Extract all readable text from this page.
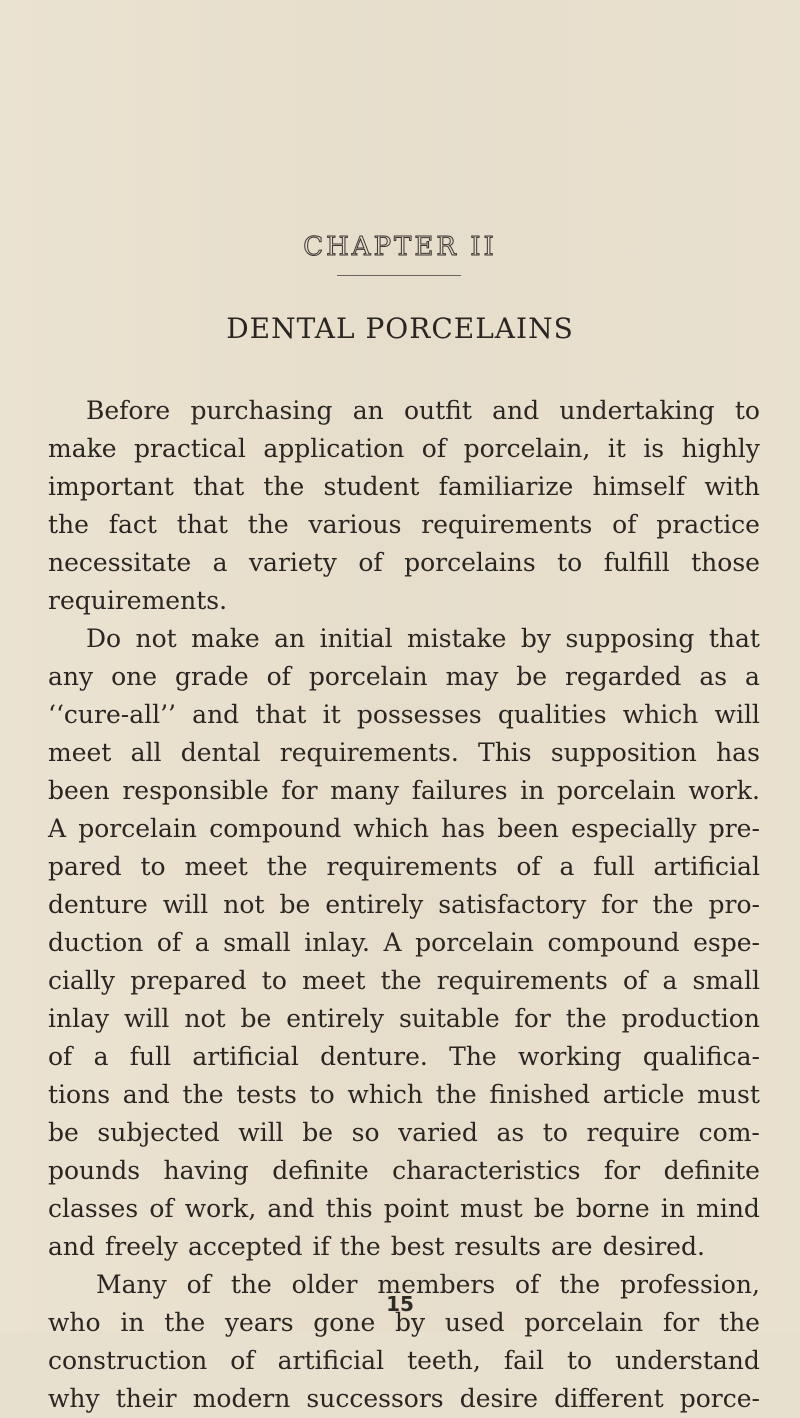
CHAPTER II
DENTAL PORCELAINS
Before purchasing an outfit and undertaking to
make practical application of porcelain, it is highly
important that the student familiarize himself with
the fact that the various requirements of practice
necessitate a variety of porcelains to fulfill those
requirements.
Do not make an initial mistake by supposing that
any one grade of porcelain may be regarded as a
‘‘cure-all’’ and that it possesses qualities which will
meet all dental requirements. This supposition has
been responsible for many failures in porcelain work.
A porcelain compound which has been especially pre-
pared to meet the requirements of a full artificial
denture will not be entirely satisfactory for the pro-
duction of a small inlay. A porcelain compound espe-
cially prepared to meet the requirements of a small
inlay will not be entirely suitable for the production
of a full artificial denture. The working qualifica-
tions and the tests to which the finished article must
be subjected will be so varied as to require com-
pounds having definite characteristics for definite
classes of work, and this point must be borne in mind
and freely accepted if the best results are desired.
Many of the older members of the profession,
who in the years gone by used porcelain for the
construction of artificial teeth, fail to understand
why their modern successors desire different porce-
15
